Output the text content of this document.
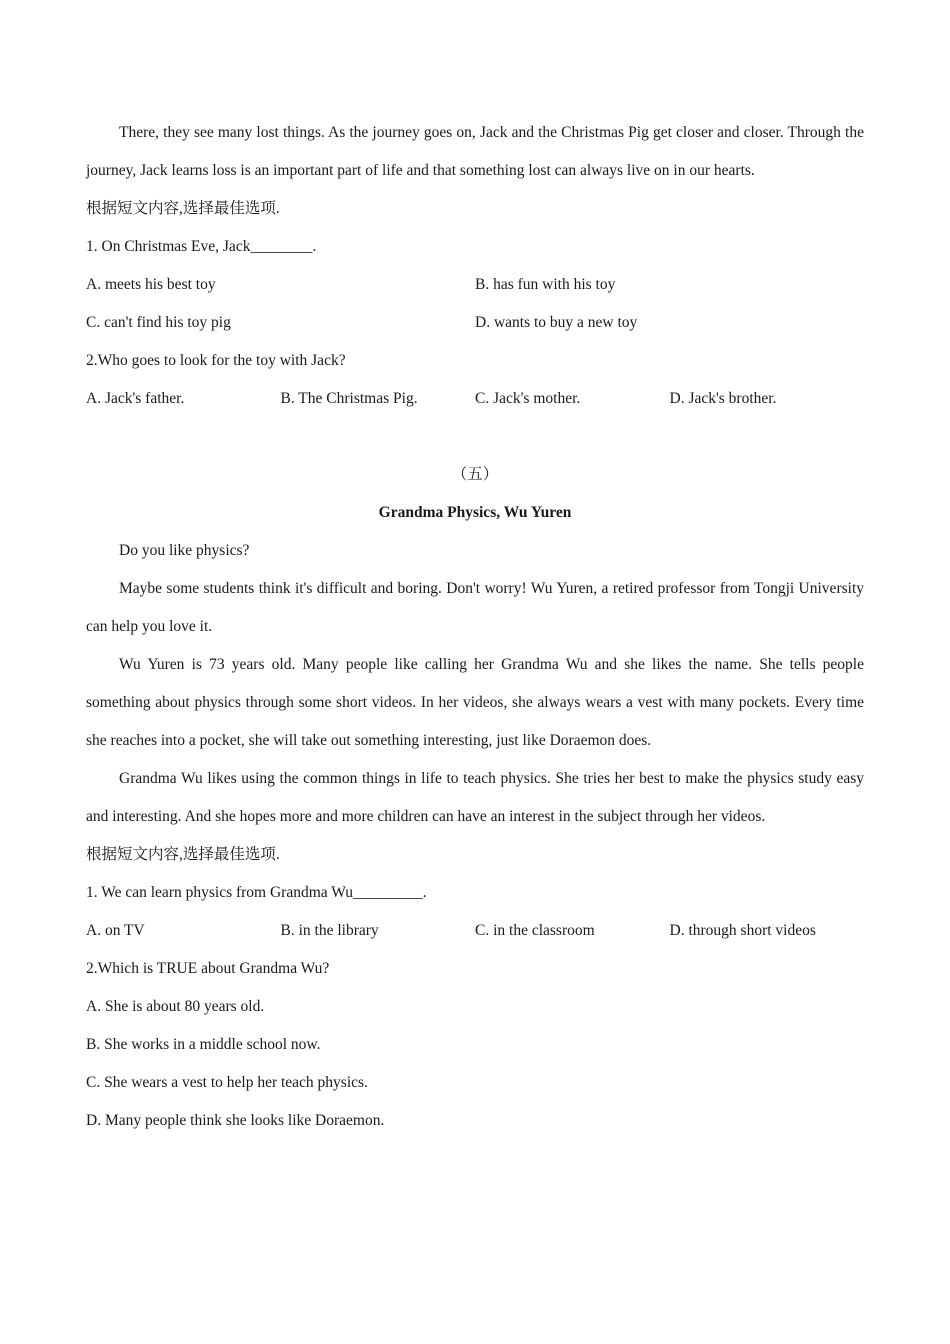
There, they see many lost things. As the journey goes on, Jack and the Christmas Pig get closer and closer. Through the journey, Jack learns loss is an important part of life and that something lost can always live on in our hearts.

根据短文内容,选择最佳选项.

1. On Christmas Eve, Jack________.

A. meets his best toy	B. has fun with his toy
C. can't find his toy pig	D. wants to buy a new toy

2.Who goes to look for the toy with Jack?

A. Jack's father.	B. The Christmas Pig.	C. Jack's mother.	D. Jack's brother.

（五）

Grandma Physics, Wu Yuren

Do you like physics?

Maybe some students think it's difficult and boring. Don't worry! Wu Yuren, a retired professor from Tongji University can help you love it.

Wu Yuren is 73 years old. Many people like calling her Grandma Wu and she likes the name. She tells people something about physics through some short videos. In her videos, she always wears a vest with many pockets. Every time she reaches into a pocket, she will take out something interesting, just like Doraemon does.

Grandma Wu likes using the common things in life to teach physics. She tries her best to make the physics study easy and interesting. And she hopes more and more children can have an interest in the subject through her videos.

根据短文内容,选择最佳选项.

1. We can learn physics from Grandma Wu_________.

A. on TV	B. in the library	C. in the classroom	D. through short videos

2.Which is TRUE about Grandma Wu?

A. She is about 80 years old.

B. She works in a middle school now.

C. She wears a vest to help her teach physics.

D. Many people think she looks like Doraemon.
